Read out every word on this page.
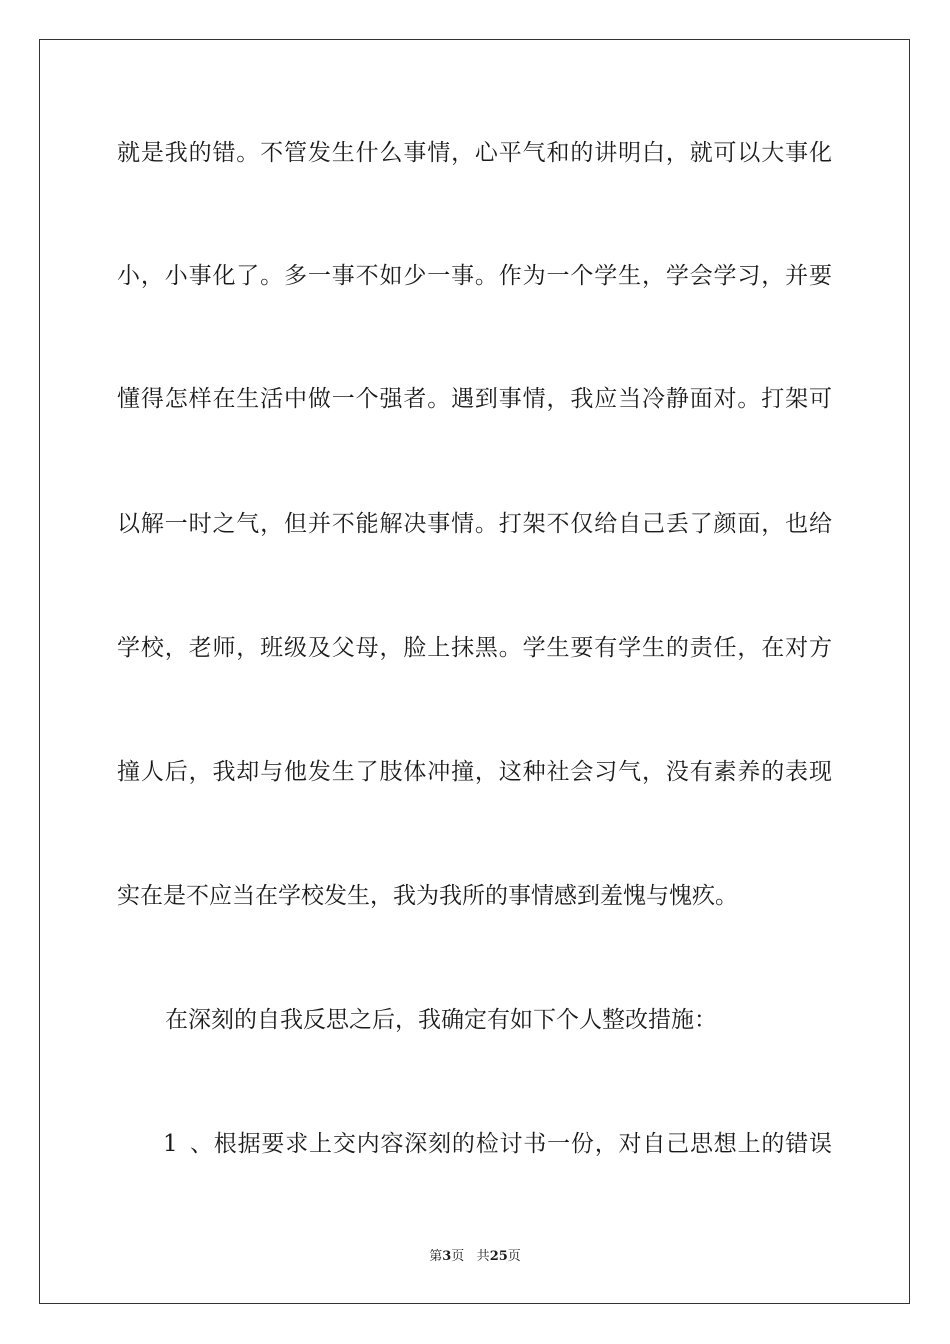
就是我的错。不管发生什么事情，心平气和的讲明白，就可以大事化
小，小事化了。多一事不如少一事。作为一个学生，学会学习，并要
懂得怎样在生活中做一个强者。遇到事情，我应当冷静面对。打架可
以解一时之气，但并不能解决事情。打架不仅给自己丢了颜面，也给
学校，老师，班级及父母，脸上抹黑。学生要有学生的责任，在对方
撞人后，我却与他发生了肢体冲撞，这种社会习气，没有素养的表现
实在是不应当在学校发生，我为我所的事情感到羞愧与愧疚。
在深刻的自我反思之后，我确定有如下个人整改措施：
1、根据要求上交内容深刻的检讨书一份，对自己思想上的错误
第3页 共25页
